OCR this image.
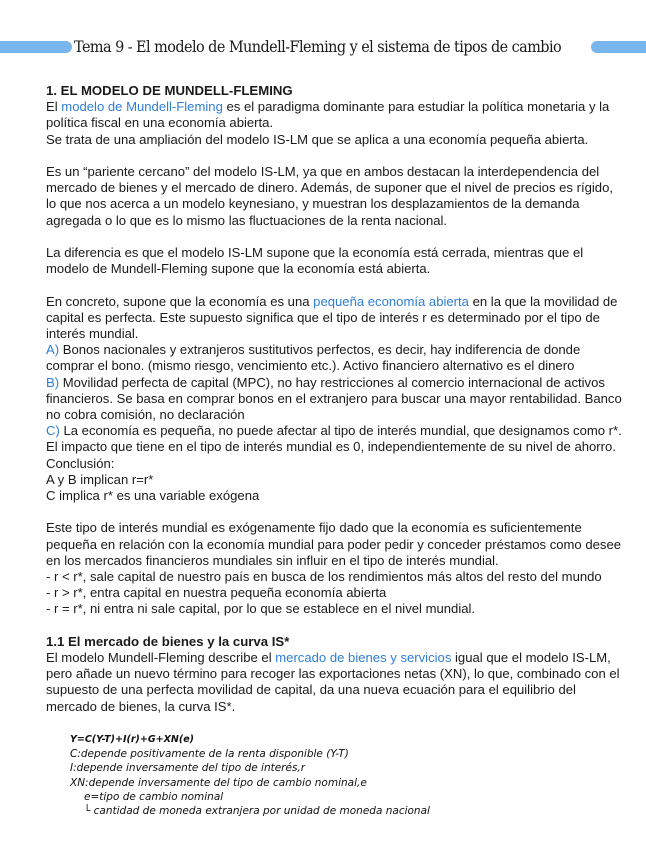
Tema 9 - El modelo de Mundell-Fleming y el sistema de tipos de cambio

1. EL MODELO DE MUNDELL-FLEMING

El modelo de Mundell-Fleming es el paradigma dominante para estudiar la política monetaria y la política fiscal en una economía abierta.

Se trata de una ampliación del modelo IS-LM que se aplica a una economía pequeña abierta.

Es un “pariente cercano” del modelo IS-LM, ya que en ambos destacan la interdependencia del mercado de bienes y el mercado de dinero. Además, de suponer que el nivel de precios es rígido, lo que nos acerca a un modelo keynesiano, y muestran los desplazamientos de la demanda agregada o lo que es lo mismo las fluctuaciones de la renta nacional.

La diferencia es que el modelo IS-LM supone que la economía está cerrada, mientras que el modelo de Mundell-Fleming supone que la economía está abierta.

En concreto, supone que la economía es una pequeña economía abierta en la que la movilidad de capital es perfecta. Este supuesto significa que el tipo de interés r es determinado por el tipo de interés mundial.

A) Bonos nacionales y extranjeros sustitutivos perfectos, es decir, hay indiferencia de donde comprar el bono. (mismo riesgo, vencimiento etc.). Activo financiero alternativo es el dinero

B) Movilidad perfecta de capital (MPC), no hay restricciones al comercio internacional de activos financieros. Se basa en comprar bonos en el extranjero para buscar una mayor rentabilidad. Banco no cobra comisión, no declaración

C) La economía es pequeña, no puede afectar al tipo de interés mundial, que designamos como r*. El impacto que tiene en el tipo de interés mundial es 0, independientemente de su nivel de ahorro.

Conclusión:

A y B implican r=r*

C implica r* es una variable exógena

Este tipo de interés mundial es exógenamente fijo dado que la economía es suficientemente pequeña en relación con la economía mundial para poder pedir y conceder préstamos como desee en los mercados financieros mundiales sin influir en el tipo de interés mundial.

- r < r*, sale capital de nuestro país en busca de los rendimientos más altos del resto del mundo

- r > r*, entra capital en nuestra pequeña economía abierta

- r = r*, ni entra ni sale capital, por lo que se establece en el nivel mundial.

1.1 El mercado de bienes y la curva IS*

El modelo Mundell-Fleming describe el mercado de bienes y servicios igual que el modelo IS-LM, pero añade un nuevo término para recoger las exportaciones netas (XN), lo que, combinado con el supuesto de una perfecta movilidad de capital, da una nueva ecuación para el equilibrio del mercado de bienes, la curva IS*.

Y=C(Y-T)+I(r)+G+XN(e)
C:depende positivamente de la renta disponible (Y-T)
I:depende inversamente del tipo de interés,r
XN:depende inversamente del tipo de cambio nominal,e
e=tipo de cambio nominal
└ cantidad de moneda extranjera por unidad de moneda nacional
